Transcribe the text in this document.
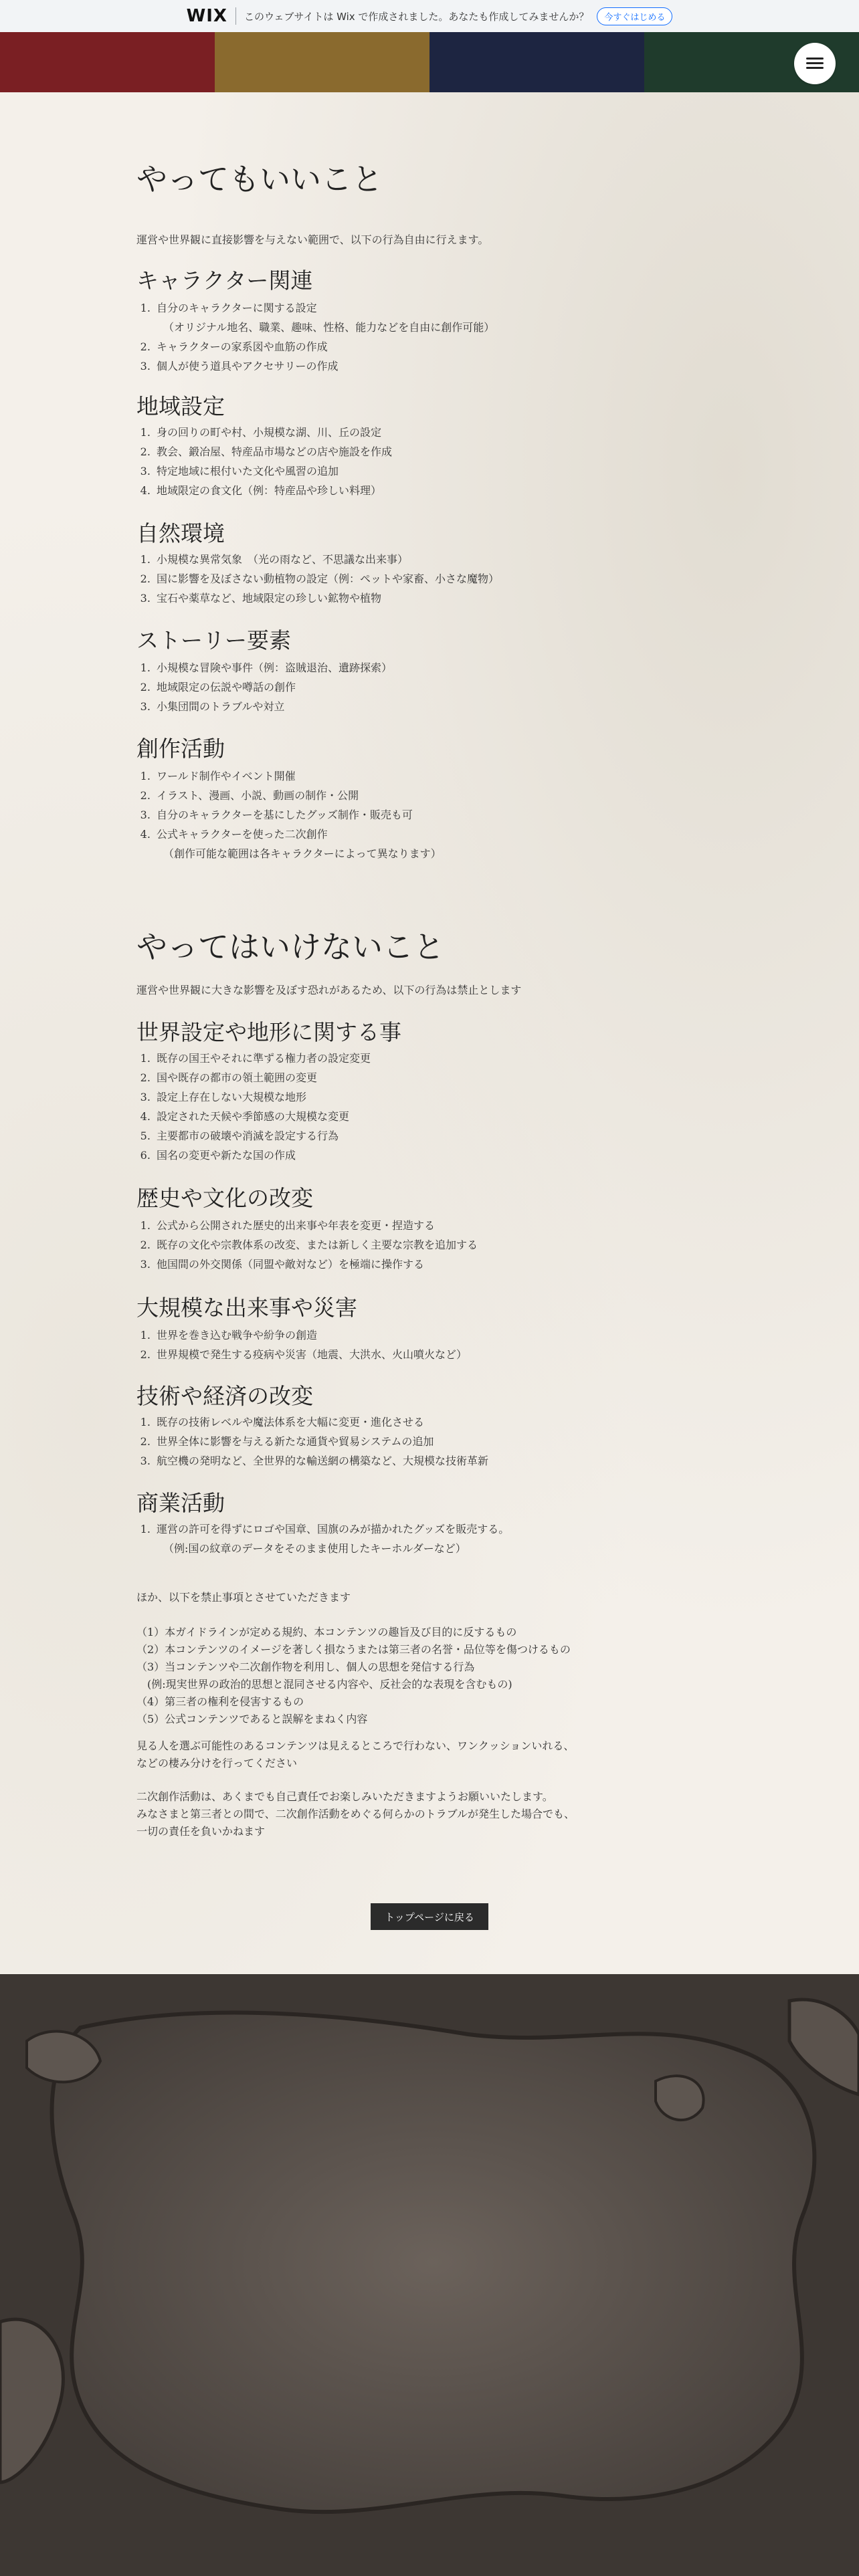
WIX このウェブサイトは Wix で作成されました。あなたも作成してみませんか？	今すぐはじめる
やってもいいこと
運営や世界観に直接影響を与えない範囲で、以下の行為自由に行えます。
キャラクター関連
1. 自分のキャラクターに関する設定
（オリジナル地名、職業、趣味、性格、能力などを自由に創作可能）
2. キャラクターの家系図や血筋の作成
3. 個人が使う道具やアクセサリーの作成
地域設定
1. 身の回りの町や村、小規模な湖、川、丘の設定
2. 教会、鍛冶屋、特産品市場などの店や施設を作成
3. 特定地域に根付いた文化や風習の追加
4. 地域限定の食文化（例：特産品や珍しい料理）
自然環境
1. 小規模な異常気象　（光の雨など、不思議な出来事）
2. 国に影響を及ぼさない動植物の設定（例：ペットや家畜、小さな魔物）
3. 宝石や薬草など、地域限定の珍しい鉱物や植物
ストーリー要素
1. 小規模な冒険や事件（例：盗賊退治、遺跡探索）
2. 地域限定の伝説や噂話の創作
3. 小集団間のトラブルや対立
創作活動
1. ワールド制作やイベント開催
2. イラスト、漫画、小説、動画の制作・公開
3. 自分のキャラクターを基にしたグッズ制作・販売も可
4. 公式キャラクターを使った二次創作
（創作可能な範囲は各キャラクターによって異なります）
やってはいけないこと
運営や世界観に大きな影響を及ぼす恐れがあるため、以下の行為は禁止とします
世界設定や地形に関する事
1. 既存の国王やそれに準ずる権力者の設定変更
2. 国や既存の都市の領土範囲の変更
3. 設定上存在しない大規模な地形
4. 設定された天候や季節感の大規模な変更
5. 主要都市の破壊や消滅を設定する行為
6. 国名の変更や新たな国の作成
歴史や文化の改変
1. 公式から公開された歴史的出来事や年表を変更・捏造する
2. 既存の文化や宗教体系の改変、または新しく主要な宗教を追加する
3. 他国間の外交関係（同盟や敵対など）を極端に操作する
大規模な出来事や災害
1. 世界を巻き込む戦争や紛争の創造
2. 世界規模で発生する疫病や災害（地震、大洪水、火山噴火など）
技術や経済の改変
1. 既存の技術レベルや魔法体系を大幅に変更・進化させる
2. 世界全体に影響を与える新たな通貨や貿易システムの追加
3. 航空機の発明など、全世界的な輸送網の構築など、大規模な技術革新
商業活動
1. 運営の許可を得ずにロゴや国章、国旗のみが描かれたグッズを販売する。
（例:国の紋章のデータをそのまま使用したキーホルダーなど）
ほか、以下を禁止事項とさせていただきます
（1）本ガイドラインが定める規約、本コンテンツの趣旨及び目的に反するもの
（2）本コンテンツのイメージを著しく損なうまたは第三者の名誉・品位等を傷つけるもの
（3）当コンテンツや二次創作物を利用し、個人の思想を発信する行為
　(例:現実世界の政治的思想と混同させる内容や、反社会的な表現を含むもの)
（4）第三者の権利を侵害するもの
（5）公式コンテンツであると誤解をまねく内容
見る人を選ぶ可能性のあるコンテンツは見えるところで行わない、ワンクッションいれる、などの棲み分けを行ってください
二次創作活動は、あくまでも自己責任でお楽しみいただきますようお願いいたします。
みなさまと第三者との間で、二次創作活動をめぐる何らかのトラブルが発生した場合でも、一切の責任を負いかねます
トップページに戻る
